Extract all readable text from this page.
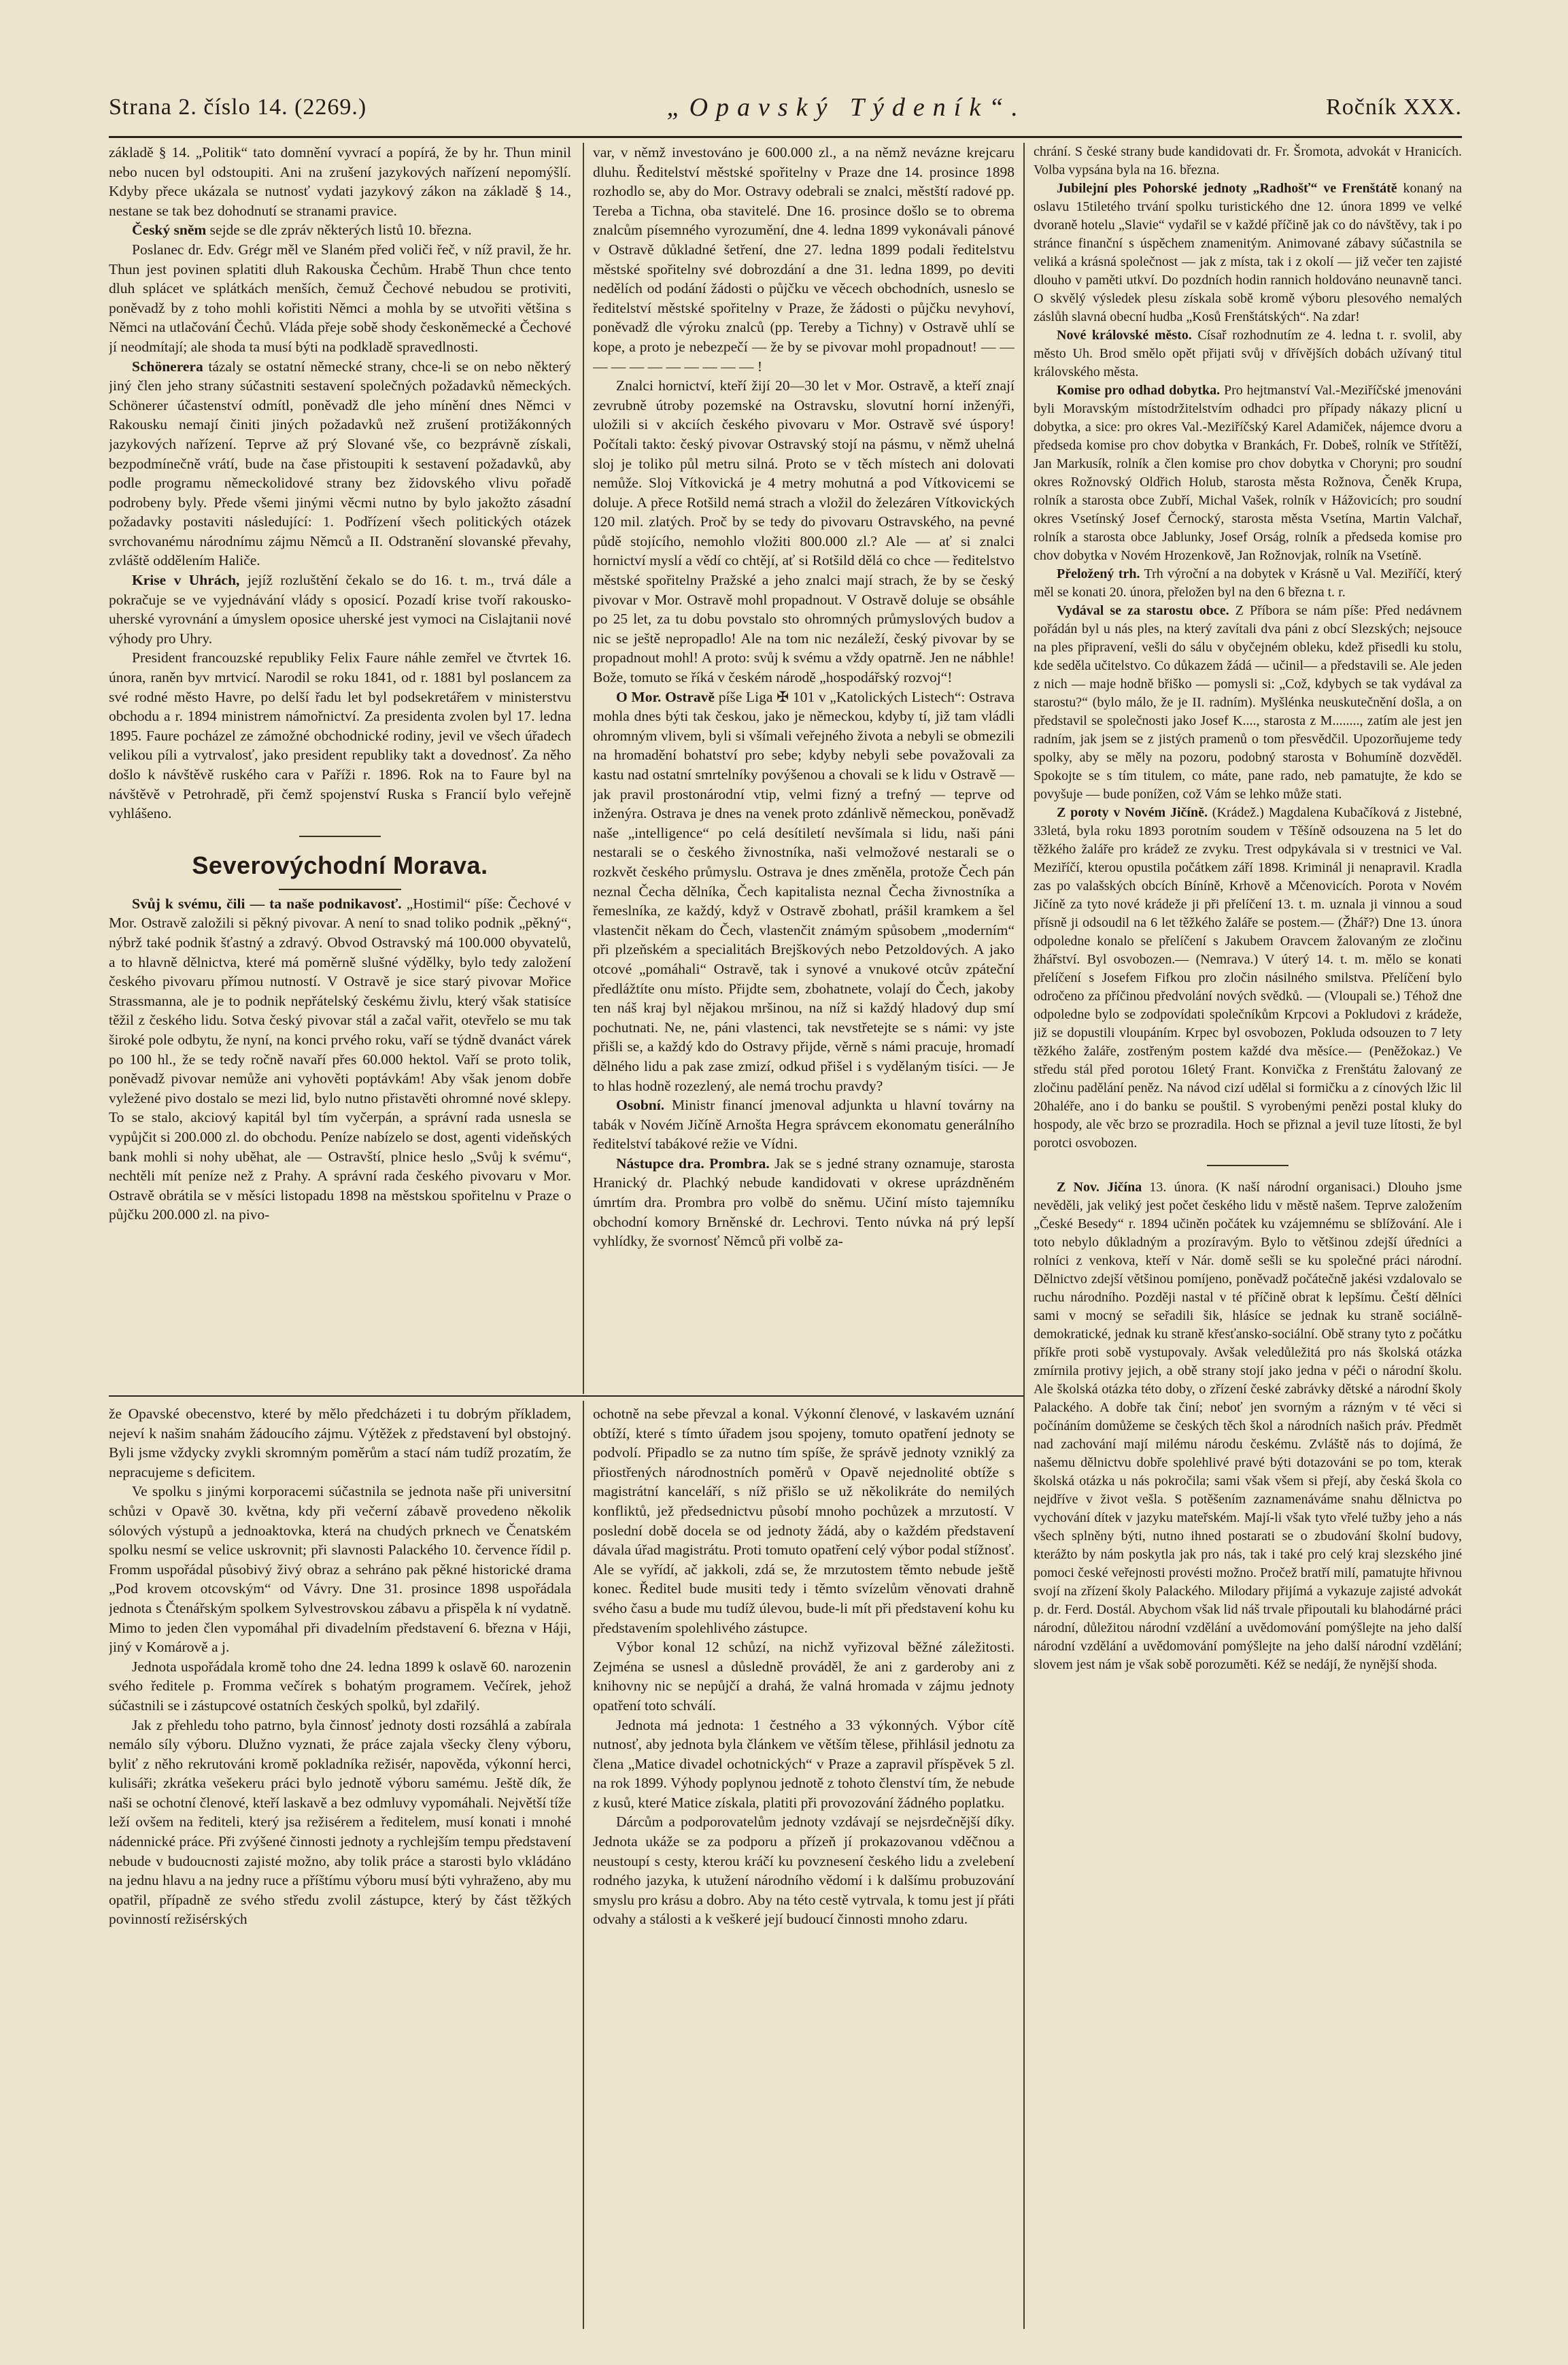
Strana 2. číslo 14. (2269.)	„Opavský Týdeník“.	Ročník XXX.

základě § 14. „Politik“ tato domnění vyvrací a popírá, že by hr. Thun minil nebo nucen byl odstoupiti. Ani na zrušení jazykových nařízení nepomýšlí. Kdyby přece ukázala se nutnosť vydati jazykový zákon na základě § 14., nestane se tak bez dohodnutí se stranami pravice.

Český sněm sejde se dle zpráv některých listů 10. března.

Poslanec dr. Edv. Grégr měl ve Slaném před voliči řeč, v níž pravil, že hr. Thun jest povinen splatiti dluh Rakouska Čechům. Hrabě Thun chce tento dluh splácet ve splátkách menších, čemuž Čechové nebudou se protiviti, poněvadž by z toho mohli kořistiti Němci a mohla by se utvořiti většina s Němci na utlačování Čechů. Vláda přeje sobě shody českoněmecké a Čechové jí neodmítají; ale shoda ta musí býti na podkladě spravedlnosti.

Schönerera tázaly se ostatní německé strany, chce-li se on nebo některý jiný člen jeho strany súčastniti sestavení společných požadavků německých. Schönerer účastenství odmítl, poněvadž dle jeho mínění dnes Němci v Rakousku nemají činiti jiných požadavků než zrušení protižákonných jazykových nařízení. Teprve až prý Slované vše, co bezprávně získali, bezpodmínečně vrátí, bude na čase přistoupiti k sestavení požadavků, aby podle programu německolidové strany bez židovského vlivu pořadě podrobeny byly. Přede všemi jinými věcmi nutno by bylo jakožto zásadní požadavky postaviti následující: 1. Podřízení všech politických otázek svrchovanému národnímu zájmu Němců a II. Odstranění slovanské převahy, zvláště oddělením Haliče.

Krise v Uhrách, jejíž rozluštění čekalo se do 16. t. m., trvá dále a pokračuje se ve vyjednávání vlády s oposicí. Pozadí krise tvoří rakousko-uherské vyrovnání a úmyslem oposice uherské jest vymoci na Cislajtanii nové výhody pro Uhry.

President francouzské republiky Felix Faure náhle zemřel ve čtvrtek 16. února, raněn byv mrtvicí. Narodil se roku 1841, od r. 1881 byl poslancem za své rodné město Havre, po delší řadu let byl podsekretářem v ministerstvu obchodu a r. 1894 ministrem námořnictví. Za presidenta zvolen byl 17. ledna 1895. Faure pocházel ze zámožné obchodnické rodiny, jevil ve všech úřadech velikou píli a vytrvalosť, jako president republiky takt a dovednosť. Za něho došlo k návštěvě ruského cara v Paříži r. 1896. Rok na to Faure byl na návštěvě v Petrohradě, při čemž spojenství Ruska s Francií bylo veřejně vyhlášeno.

Severovýchodní Morava.

Svůj k svému, čili — ta naše podnikavosť. „Hostimil“ píše: Čechové v Mor. Ostravě založili si pěkný pivovar. A není to snad toliko podnik „pěkný“, nýbrž také podnik šťastný a zdravý. Obvod Ostravský má 100.000 obyvatelů, a to hlavně dělnictva, které má poměrně slušné výdělky, bylo tedy založení českého pivovaru přímou nutností. V Ostravě je sice starý pivovar Mořice Strassmanna, ale je to podnik nepřátelský českému živlu, který však statisíce těžil z českého lidu. Sotva český pivovar stál a začal vařit, otevřelo se mu tak široké pole odbytu, že nyní, na konci prvého roku, vaří se týdně dvanáct várek po 100 hl., že se tedy ročně navaří přes 60.000 hektol. Vaří se proto tolik, poněvadž pivovar nemůže ani vyhověti poptávkám! Aby však jenom dobře vyležené pivo dostalo se mezi lid, bylo nutno přistavěti ohromné nové sklepy. To se stalo, akciový kapitál byl tím vyčerpán, a správní rada usnesla se vypůjčit si 200.000 zl. do obchodu. Peníze nabízelo se dost, agenti videňských bank mohli si nohy uběhat, ale — Ostravští, plnice heslo „Svůj k svému“, nechtěli mít peníze než z Prahy. A správní rada českého pivovaru v Mor. Ostravě obrátila se v měsíci listopadu 1898 na městskou spořitelnu v Praze o půjčku 200.000 zl. na pivo-

var, v němž investováno je 600.000 zl., a na němž nevázne krejcaru dluhu. Ředitelství městské spořitelny v Praze dne 14. prosince 1898 rozhodlo se, aby do Mor. Ostravy odebrali se znalci, městští radové pp. Tereba a Tichna, oba stavitelé. Dne 16. prosince došlo se to obrema znalcům písemného vyrozumění, dne 4. ledna 1899 vykonávali pánové v Ostravě důkladné šetření, dne 27. ledna 1899 podali ředitelstvu městské spořitelny své dobrozdání a dne 31. ledna 1899, po deviti nedělích od podání žádosti o půjčku ve věcech obchodních, usneslo se ředitelství městské spořitelny v Praze, že žádosti o půjčku nevyhoví, poněvadž dle výroku znalců (pp. Tereby a Tichny) v Ostravě uhlí se kope, a proto je nebezpečí — že by se pivovar mohl propadnout! — — — — — — — — — — — !

Znalci hornictví, kteří žijí 20—30 let v Mor. Ostravě, a kteří znají zevrubně útroby pozemské na Ostravsku, slovutní horní inženýři, uložili si v akciích českého pivovaru v Mor. Ostravě své úspory! Počítali takto: český pivovar Ostravský stojí na pásmu, v němž uhelná sloj je toliko půl metru silná. Proto se v těch místech ani dolovati nemůže. Sloj Vítkovická je 4 metry mohutná a pod Vítkovicemi se doluje. A přece Rotšild nemá strach a vložil do železáren Vítkovických 120 mil. zlatých. Proč by se tedy do pivovaru Ostravského, na pevné půdě stojícího, nemohlo vložiti 800.000 zl.? Ale — ať si znalci hornictví myslí a vědí co chtějí, ať si Rotšild dělá co chce — ředitelstvo městské spořitelny Pražské a jeho znalci mají strach, že by se český pivovar v Mor. Ostravě mohl propadnout. V Ostravě doluje se obsáhle po 25 let, za tu dobu povstalo sto ohromných průmyslových budov a nic se ještě nepropadlo! Ale na tom nic nezáleží, český pivovar by se propadnout mohl! A proto: svůj k svému a vždy opatrně. Jen ne nábhle! Bože, tomuto se říká v českém národě „hospodářský rozvoj“!

O Mor. Ostravě píše Liga ✠ 101 v „Katolických Listech“: Ostrava mohla dnes býti tak českou, jako je německou, kdyby tí, již tam vládli ohromným vlivem, byli si všímali veřejného života a nebyli se obmezili na hromadění bohatství pro sebe; kdyby nebyli sebe považovali za kastu nad ostatní smrtelníky povýšenou a chovali se k lidu v Ostravě — jak pravil prostonárodní vtip, velmi fizný a trefný — teprve od inženýra. Ostrava je dnes na venek proto zdánlivě německou, poněvadž naše „intelligence“ po celá desítiletí nevšímala si lidu, naši páni nestarali se o českého živnostníka, naši velmožové nestarali se o rozkvět českého průmyslu. Ostrava je dnes změněla, protože Čech pán neznal Čecha dělníka, Čech kapitalista neznal Čecha živnostníka a řemeslníka, ze každý, když v Ostravě zbohatl, prášil kramkem a šel vlastenčit někam do Čech, vlastenčit známým spůsobem „moderním“ při plzeňském a specialitách Brejškových nebo Petzoldových. A jako otcové „pomáhali“ Ostravě, tak i synové a vnukové otcův zpáteční předlážtíte onu místo. Přijdte sem, zbohatnete, volají do Čech, jakoby ten náš kraj byl nějakou mršinou, na níž si každý hladový dup smí pochutnati. Ne, ne, páni vlastenci, tak nevstřetejte se s námi: vy jste přišli se, a každý kdo do Ostravy přijde, věrně s námi pracuje, hromadí dělného lidu a pak zase zmizí, odkud přišel i s vydělaným tisíci. — Je to hlas hodně rozezlený, ale nemá trochu pravdy?

Osobní. Ministr financí jmenoval adjunkta u hlavní továrny na tabák v Novém Jičíně Arnošta Hegra správcem ekonomatu generálního ředitelství tabákové režie ve Vídni.

Nástupce dra. Prombra. Jak se s jedné strany oznamuje, starosta Hranický dr. Plachký nebude kandidovati v okrese uprázdněném úmrtím dra. Prombra pro volbě do sněmu. Učiní místo tajemníku obchodní komory Brněnské dr. Lechrovi. Tento núvka ná prý lepší vyhlídky, že svornosť Němců při volbě za-

chrání. S české strany bude kandidovati dr. Fr. Šromota, advokát v Hranicích. Volba vypsána byla na 16. března.

Jubilejní ples Pohorské jednoty „Radhošť“ ve Frenštátě konaný na oslavu 15tiletého trvání spolku turistického dne 12. února 1899 ve velké dvoraně hotelu „Slavie“ vydařil se v každé příčině jak co do návštěvy, tak i po stránce finanční s úspěchem znamenitým. Animované zábavy súčastnila se veliká a krásná společnost — jak z místa, tak i z okolí — již večer ten zajisté dlouho v paměti utkví. Do pozdních hodin rannich holdováno neunavně tanci. O skvělý výsledek plesu získala sobě kromě výboru plesového nemalých záslůh slavná obecní hudba „Kosů Frenštátských“. Na zdar!

Nové královské město. Císař rozhodnutím ze 4. ledna t. r. svolil, aby město Uh. Brod smělo opět přijati svůj v dřívějších dobách užívaný titul královského města.

Komise pro odhad dobytka. Pro hejtmanství Val.-Meziříčské jmenováni byli Moravským místodržitelstvím odhadci pro případy nákazy plicní u dobytka, a sice: pro okres Val.-Meziříčský Karel Adamiček, nájemce dvoru a předseda komise pro chov dobytka v Brankách, Fr. Dobeš, rolník ve Střítěží, Jan Markusík, rolník a člen komise pro chov dobytka v Choryni; pro soudní okres Rožnovský Oldřich Holub, starosta města Rožnova, Čeněk Krupa, rolník a starosta obce Zubří, Michal Vašek, rolník v Hážovicích; pro soudní okres Vsetínský Josef Černocký, starosta města Vsetína, Martin Valchař, rolník a starosta obce Jablunky, Josef Orság, rolník a předseda komise pro chov dobytka v Novém Hrozenkově, Jan Rožnovjak, rolník na Vsetíně.

Přeložený trh. Trh výroční a na dobytek v Krásně u Val. Meziříčí, který měl se konati 20. února, přeložen byl na den 6 března t. r.

Vydával se za starostu obce. Z Příbora se nám píše: Před nedávnem pořádán byl u nás ples, na který zavítali dva páni z obcí Slezských; nejsouce na ples připravení, vešli do sálu v obyčejném obleku, kdež přisedli ku stolu, kde seděla učitelstvo. Co důkazem žádá — učinil— a představili se. Ale jeden z nich — maje hodně břiško — pomysli si: „Což, kdybych se tak vydával za starostu?“ (bylo málo, že je II. radním). Myšlénka neuskutečnění došla, a on představil se společnosti jako Josef K...., starosta z M........, zatím ale jest jen radním, jak jsem se z jistých pramenů o tom přesvědčil. Upozorňujeme tedy spolky, aby se měly na pozoru, podobný starosta v Bohumíně dozvěděl. Spokojte se s tím titulem, co máte, pane rado, neb pamatujte, že kdo se povyšuje — bude ponížen, což Vám se lehko může stati.

Z poroty v Novém Jičíně. (Krádež.) Magdalena Kubačíková z Jistebné, 33letá, byla roku 1893 porotním soudem v Těšíně odsouzena na 5 let do těžkého žaláře pro krádež ze zvyku. Trest odpykávala si v trestnici ve Val. Meziříčí, kterou opustila počátkem září 1898. Kriminál ji nenapravil. Kradla zas po valašských obcích Bíníně, Krhově a Mčenovicích. Porota v Novém Jičíně za tyto nové krádeže ji při přelíčení 13. t. m. uznala ji vinnou a soud přísně ji odsoudil na 6 let těžkého žaláře se postem.— (Žhář?) Dne 13. února odpoledne konalo se přelíčení s Jakubem Oravcem žalovaným ze zločinu žhářství. Byl osvobozen.— (Nemrava.) V úterý 14. t. m. mělo se konati přelíčení s Josefem Fifkou pro zločin násilného smilstva. Přelíčení bylo odročeno za příčinou předvolání nových svědků. — (Vloupali se.) Téhož dne odpoledne bylo se zodpovídati společníkům Krpcovi a Pokludovi z krádeže, již se dopustili vloupáním. Krpec byl osvobozen, Pokluda odsouzen to 7 lety těžkého žaláře, zostřeným postem každé dva měsíce.— (Peněžokaz.) Ve středu stál před porotou 16letý Frant. Konvička z Frenštátu žalovaný ze zločinu padělání peněz. Na návod cizí udělal si formičku a z cínových lžic lil 20haléře, ano i do banku se pouštil. S vyrobenými penězi postal kluky do hospody, ale věc brzo se prozradila. Hoch se přiznal a jevil tuze lítosti, že byl porotci osvobozen.

Z Nov. Jičína 13. února. (K naší národní organisaci.) Dlouho jsme nevěděli, jak veliký jest počet českého lidu v městě našem. Teprve založením „České Besedy“ r. 1894 učiněn počátek ku vzájemnému se sblížování. Ale i toto nebylo důkladným a prozíravým. Bylo to většinou zdejší úředníci a rolníci z venkova, kteří v Nár. domě sešli se ku společné práci národní. Dělnictvo zdejší většinou pomíjeno, poněvadž počátečně jakési vzdalovalo se ruchu národního. Později nastal v té příčině obrat k lepšímu. Čeští dělníci sami v mocný se seřadili šik, hlásíce se jednak ku straně sociálně-demokratické, jednak ku straně křesťansko-sociální. Obě strany tyto z počátku příkře proti sobě vystupovaly. Avšak veledůležitá pro nás školská otázka zmírnila protivy jejich, a obě strany stojí jako jedna v péči o národní školu. Ale školská otázka této doby, o zřízení české zabrávky dětské a národní školy Palackého. A dobře tak činí; neboť jen svorným a rázným v té věci si počínáním domůžeme se českých těch škol a národních našich práv. Předmět nad zachování mají milému národu českému. Zvláště nás to dojímá, že našemu dělnictvu dobře spolehlivé pravé býti dotazováni se po tom, kterak školská otázka u nás pokročila; sami však všem si přejí, aby česká škola co nejdříve v život vešla. S potěšením zaznamenáváme snahu dělnictva po vychování dítek v jazyku mateřském. Mají-li však tyto vřelé tužby jeho a nás všech splněny býti, nutno ihned postarati se o zbudování školní budovy, kterážto by nám poskytla jak pro nás, tak i také pro celý kraj slezského jiné pomoci české veřejnosti provésti možno. Pročež bratří milí, pamatujte hřivnou svojí na zřízení školy Palackého. Milodary přijímá a vykazuje zajisté advokát p. dr. Ferd. Dostál. Abychom však lid náš trvale připoutali ku blahodárné práci národní, důležitou národní vzdělání a uvědomování pomýšlejte na jeho další národní vzdělání a uvědomování pomýšlejte na jeho další národní vzdělání; slovem jest nám je však sobě porozuměti. Kéž se nedájí, že nynější shoda.

že Opavské obecenstvo, které by mělo předcházeti i tu dobrým příkladem, nejeví k našim snahám žádoucího zájmu. Výtěžek z představení byl obstojný. Byli jsme vždycky zvykli skromným poměrům a stací nám tudíž prozatím, že nepracujeme s deficitem.

Ve spolku s jinými korporacemi súčastnila se jednota naše při universitní schůzi v Opavě 30. května, kdy při večerní zábavě provedeno několik sólových výstupů a jednoaktovka, která na chudých prknech ve Čenatském spolku nesmí se velice uskrovnit; při slavnosti Palackého 10. července řídil p. Fromm uspořádal působivý živý obraz a sehráno pak pěkné historické drama „Pod krovem otcovským“ od Vávry. Dne 31. prosince 1898 uspořádala jednota s Čtenářským spolkem Sylvestrovskou zábavu a přispěla k ní vydatně. Mimo to jeden člen vypomáhal při divadelním představení 6. března v Háji, jiný v Komárově a j.

Jednota uspořádala kromě toho dne 24. ledna 1899 k oslavě 60. narozenin svého ředitele p. Fromma večírek s bohatým programem. Večírek, jehož súčastnili se i zástupcové ostatních českých spolků, byl zdařilý.

Jak z přehledu toho patrno, byla činnosť jednoty dosti rozsáhlá a zabírala nemálo síly výboru. Dlužno vyznati, že práce zajala všecky členy výboru, byliť z něho rekrutováni kromě pokladníka režisér, napověda, výkonní herci, kulisáři; zkrátka vešekeru práci bylo jednotě výboru samému. Ještě dík, že naši se ochotní členové, kteří laskavě a bez odmluvy vypomáhali. Největší tíže leží ovšem na řediteli, který jsa režisérem a ředitelem, musí konati i mnohé nádennické práce. Při zvýšené činnosti jednoty a rychlejším tempu představení nebude v budoucnosti zajisté možno, aby tolik práce a starosti bylo vkládáno na jednu hlavu a na jedny ruce a příštímu výboru musí býti vyhraženo, aby mu opatřil, případně ze svého středu zvolil zástupce, který by část těžkých povinností režisérských

ochotně na sebe převzal a konal. Výkonní členové, v laskavém uznání obtíží, které s tímto úřadem jsou spojeny, tomuto opatření jednoty se podvolí. Připadlo se za nutno tím spíše, že správě jednoty vzniklý za přiostřených národnostních poměrů v Opavě nejednolité obtíže s magistrátní kanceláří, s níž přišlo se už několikráte do nemilých konfliktů, jež předsednictvu působí mnoho pochůzek a mrzutostí. V poslední době docela se od jednoty žádá, aby o každém představení dávala úřad magistrátu. Proti tomuto opatření celý výbor podal stížnosť. Ale se vyřídí, ač jakkoli, zdá se, že mrzutostem těmto nebude ještě konec. Ředitel bude musiti tedy i těmto svízelům věnovati drahně svého času a bude mu tudíž úlevou, bude-li mít při představení kohu ku představením spolehlivého zástupce.

Výbor konal 12 schůzí, na nichž vyřizoval běžné záležitosti. Zejména se usnesl a důsledně prováděl, že ani z garderoby ani z knihovny nic se nepůjčí a drahá, že valná hromada v zájmu jednoty opatření toto schválí.

Jednota má jednota: 1 čestného a 33 výkonných. Výbor cítě nutnosť, aby jednota byla článkem ve větším tělese, přihlásil jednotu za člena „Matice divadel ochotnických“ v Praze a zapravil příspěvek 5 zl. na rok 1899. Výhody poplynou jednotě z tohoto členství tím, že nebude z kusů, které Matice získala, platiti při provozování žádného poplatku.

Dárcům a podporovatelům jednoty vzdávají se nejsrdečnější díky. Jednota ukáže se za podporu a přízeň jí prokazovanou vděčnou a neustoupí s cesty, kterou kráčí ku povznesení českého lidu a zvelebení rodného jazyka, k utužení národního vědomí i k dalšímu probuzování smyslu pro krásu a dobro. Aby na této cestě vytrvala, k tomu jest jí přáti odvahy a stálosti a k veškeré její budoucí činnosti mnoho zdaru.
